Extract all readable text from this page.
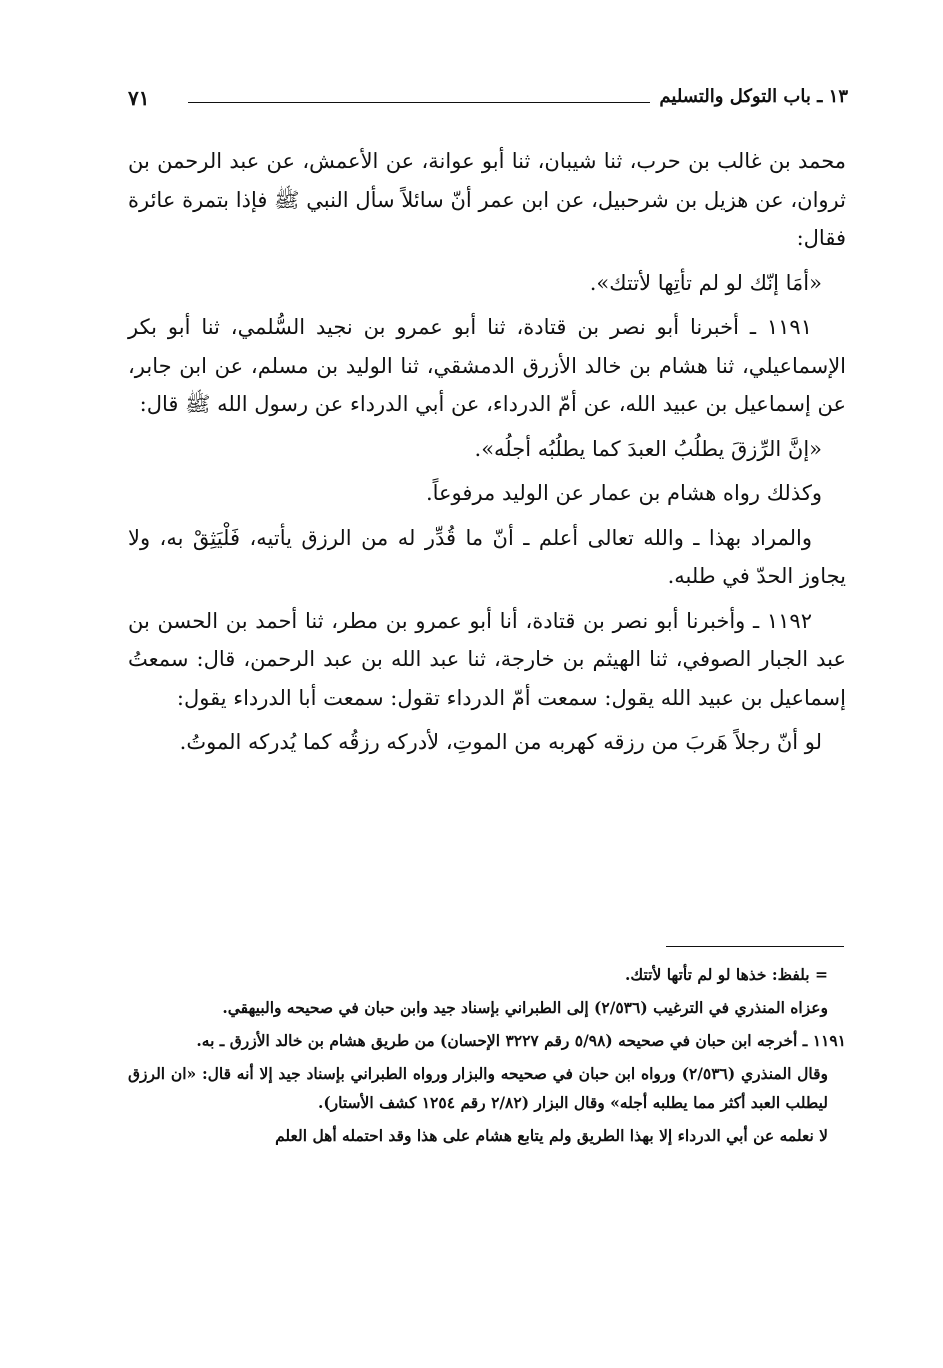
١٣ ـ باب التوكل والتسليم
٧١

محمد بن غالب بن حرب، ثنا شيبان، ثنا أبو عوانة، عن الأعمش، عن عبد الرحمن بن ثروان، عن هزيل بن شرحبيل، عن ابن عمر أنّ سائلاً سأل النبي ﷺ فإذا بتمرة عائرة فقال:

«أمَا إنّك لو لم تأتِها لأتتك».

١١٩١ ـ أخبرنا أبو نصر بن قتادة، ثنا أبو عمرو بن نجيد السُّلمي، ثنا أبو بكر الإسماعيلي، ثنا هشام بن خالد الأزرق الدمشقي، ثنا الوليد بن مسلم، عن ابن جابر، عن إسماعيل بن عبيد الله، عن أمّ الدرداء، عن أبي الدرداء عن رسول الله ﷺ قال:

«إنَّ الرِّزقَ يطلُبُ العبدَ كما يطلُبُه أجلُه».

وكذلك رواه هشام بن عمار عن الوليد مرفوعاً.

والمراد بهذا ـ والله تعالى أعلم ـ أنّ ما قُدِّر له من الرزق يأتيه، فَلْيَثِقْ به، ولا يجاوز الحدّ في طلبه.

١١٩٢ ـ وأخبرنا أبو نصر بن قتادة، أنا أبو عمرو بن مطر، ثنا أحمد بن الحسن بن عبد الجبار الصوفي، ثنا الهيثم بن خارجة، ثنا عبد الله بن عبد الرحمن، قال: سمعتُ إسماعيل بن عبيد الله يقول: سمعت أمّ الدرداء تقول: سمعت أبا الدرداء يقول:

لو أنّ رجلاً هَربَ من رزقه كهربه من الموتِ، لأدركه رزقُه كما يُدركه الموتُ.

= بلفظ: خذها لو لم تأتها لأتتك.

وعزاه المنذري في الترغيب (٢/٥٣٦) إلى الطبراني بإسناد جيد وابن حبان في صحيحه والبيهقي.

١١٩١ ـ أخرجه ابن حبان في صحيحه (٥/٩٨ رقم ٣٢٢٧ الإحسان) من طريق هشام بن خالد الأزرق ـ به.

وقال المنذري (٢/٥٣٦) ورواه ابن حبان في صحيحه والبزار ورواه الطبراني بإسناد جيد إلا أنه قال: «ان الرزق ليطلب العبد أكثر مما يطلبه أجله» وقال البزار (٢/٨٢ رقم ١٢٥٤ كشف الأستار).

لا نعلمه عن أبي الدرداء إلا بهذا الطريق ولم يتابع هشام على هذا وقد احتمله أهل العلم
